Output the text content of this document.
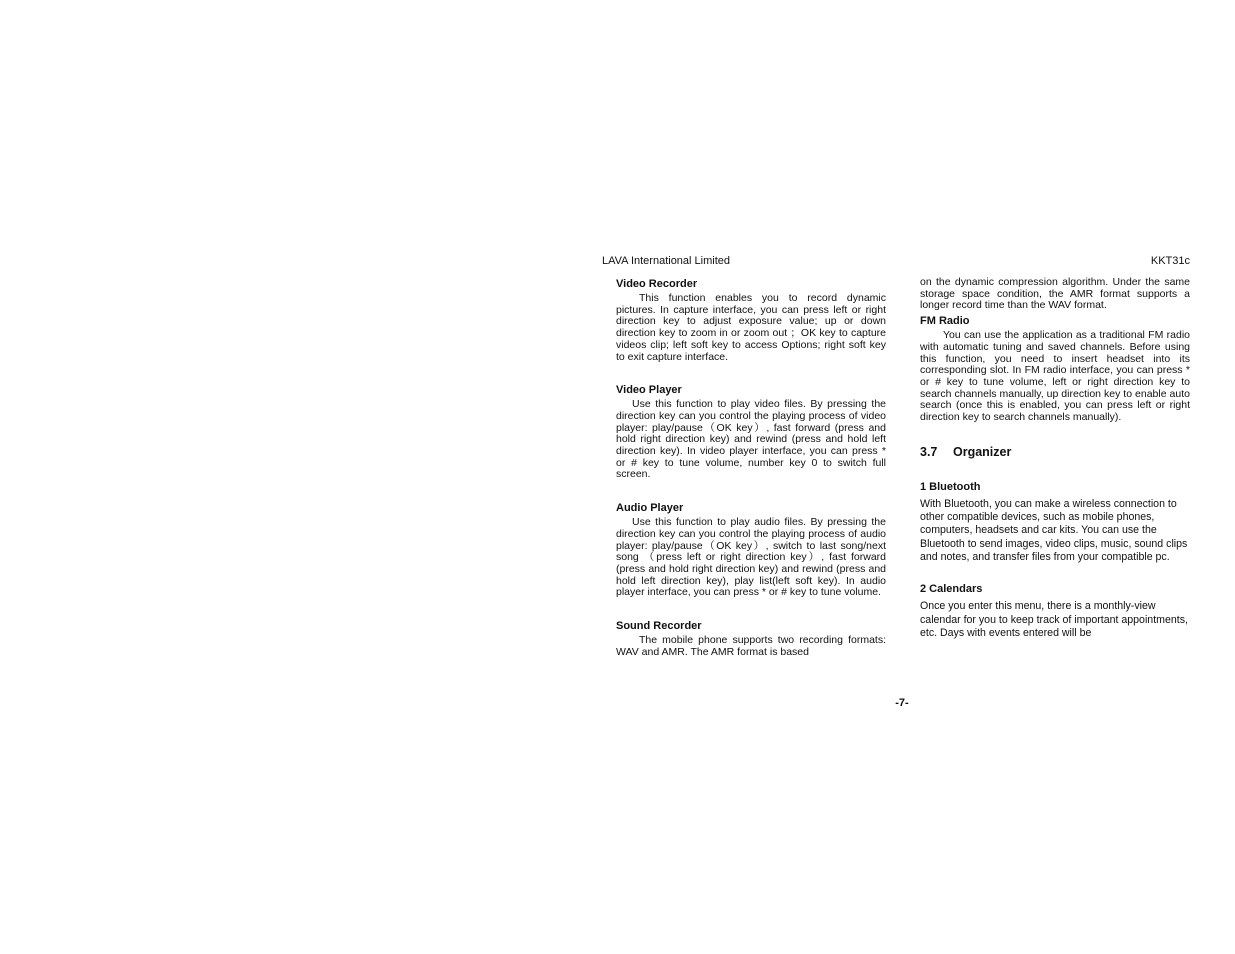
LAVA International Limited	KKT31c
Video Recorder

This function enables you to record dynamic pictures. In capture interface, you can press left or right direction key to adjust exposure value; up or down direction key to zoom in or zoom out ；OK key to capture videos clip; left soft key to access Options; right soft key to exit capture interface.

Video Player

Use this function to play video files. By pressing the direction key can you control the playing process of video player: play/pause（OK key）, fast forward (press and hold right direction key) and rewind (press and hold left direction key). In video player interface, you can press * or # key to tune volume, number key 0 to switch full screen.

Audio Player

Use this function to play audio files. By pressing the direction key can you control the playing process of audio player: play/pause（OK key）, switch to last song/next song （press left or right direction key）, fast forward (press and hold right direction key) and rewind (press and hold left direction key), play list(left soft key). In audio player interface, you can press * or # key to tune volume.

Sound Recorder

The mobile phone supports two recording formats: WAV and AMR. The AMR format is based

on the dynamic compression algorithm. Under the same storage space condition, the AMR format supports a longer record time than the WAV format.

FM Radio

You can use the application as a traditional FM radio with automatic tuning and saved channels. Before using this function, you need to insert headset into its corresponding slot. In FM radio interface, you can press * or # key to tune volume, left or right direction key to search channels manually, up direction key to enable auto search (once this is enabled, you can press left or right direction key to search channels manually).

3.7 Organizer
1 Bluetooth

With Bluetooth, you can make a wireless connection to other compatible devices, such as mobile phones, computers, headsets and car kits. You can use the Bluetooth to send images, video clips, music, sound clips and notes, and transfer files from your compatible pc.

2 Calendars

Once you enter this menu, there is a monthly-view calendar for you to keep track of important appointments, etc. Days with events entered will be

-7-
